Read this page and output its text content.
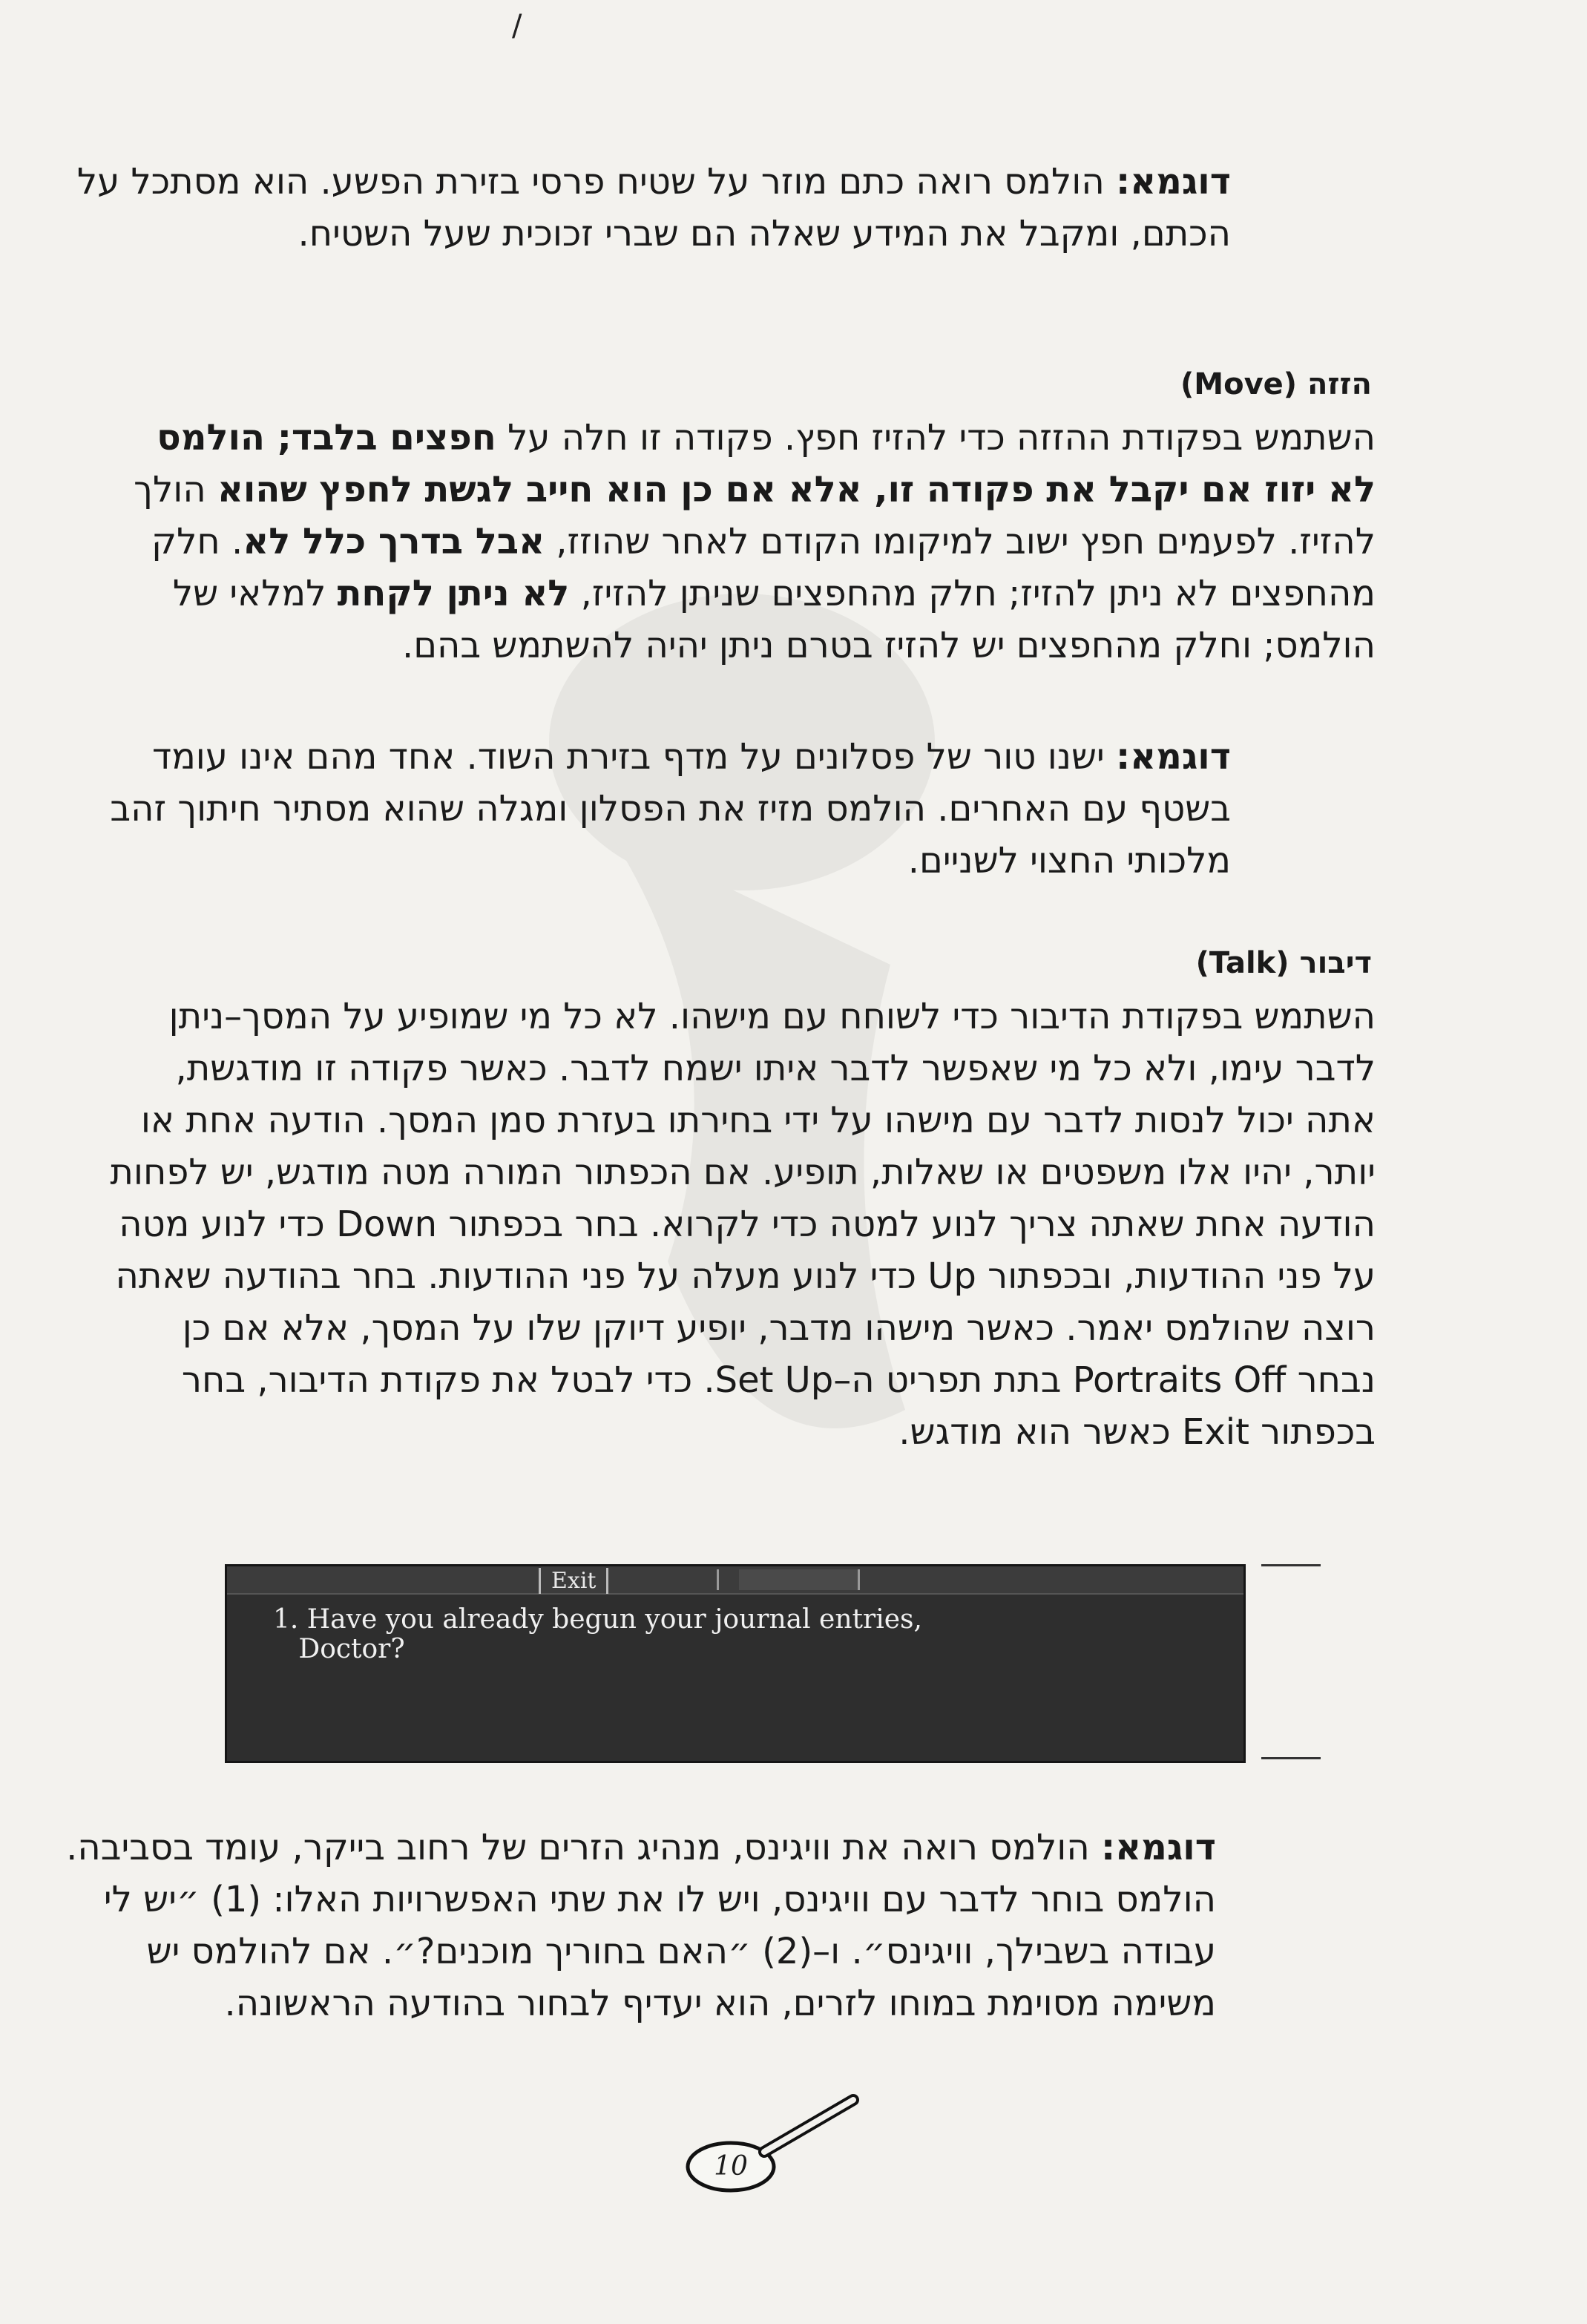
/
דוגמא: הולמס רואה כתם מוזר על שטיח פרסי בזירת הפשע. הוא מסתכל על הכתם, ומקבל את המידע שאלה הם שברי זכוכית שעל השטיח.
הזזה (Move)
השתמש בפקודת ההזזה כדי להזיז חפץ. פקודה זו חלה על חפצים בלבד; הולמס לא יזוז אם יקבל את פקודה זו, אלא אם כן הוא חייב לגשת לחפץ שהוא הולך להזיז. לפעמים חפץ ישוב למיקומו הקודם לאחר שהוזז, אבל בדרך כלל לא. חלק מהחפצים לא ניתן להזיז; חלק מהחפצים שניתן להזיז, לא ניתן לקחת למלאי של הולמס; וחלק מהחפצים יש להזיז בטרם ניתן יהיה להשתמש בהם.
דוגמא: ישנו טור של פסלונים על מדף בזירת השוד. אחד מהם אינו עומד בשטף עם האחרים. הולמס מזיז את הפסלון ומגלה שהוא מסתיר חיתוך זהב מלכותי החצוי לשניים.
דיבור (Talk)
השתמש בפקודת הדיבור כדי לשוחח עם מישהו. לא כל מי שמופיע על המסך–ניתן לדבר עימו, ולא כל מי שאפשר לדבר איתו ישמח לדבר. כאשר פקודה זו מודגשת, אתה יכול לנסות לדבר עם מישהו על ידי בחירתו בעזרת סמן המסך. הודעה אחת או יותר, יהיו אלו משפטים או שאלות, תופיע. אם הכפתור המורה מטה מודגש, יש לפחות הודעה אחת שאתה צריך לנוע למטה כדי לקרוא. בחר בכפתור Down כדי לנוע מטה על פני ההודעות, ובכפתור Up כדי לנוע מעלה על פני ההודעות. בחר בהודעה שאתה רוצה שהולמס יאמר. כאשר מישהו מדבר, יופיע דיוקן שלו על המסך, אלא אם כן נבחר Portraits Off בתת תפריט ה–Set Up. כדי לבטל את פקודת הדיבור, בחר בכפתור Exit כאשר הוא מודגש.
Exit
1. Have you already begun your journal entries,
Doctor?
דוגמא: הולמס רואה את וויגינס, מנהיג הזרים של רחוב בייקר, עומד בסביבה. הולמס בוחר לדבר עם וויגינס, ויש לו את שתי האפשרויות האלו: (1) ״יש לי עבודה בשבילך, וויגינס״. ו–(2) ״האם בחוריך מוכנים?״. אם להולמס יש משימה מסוימת במוחו לזרים, הוא יעדיף לבחור בהודעה הראשונה.
10
